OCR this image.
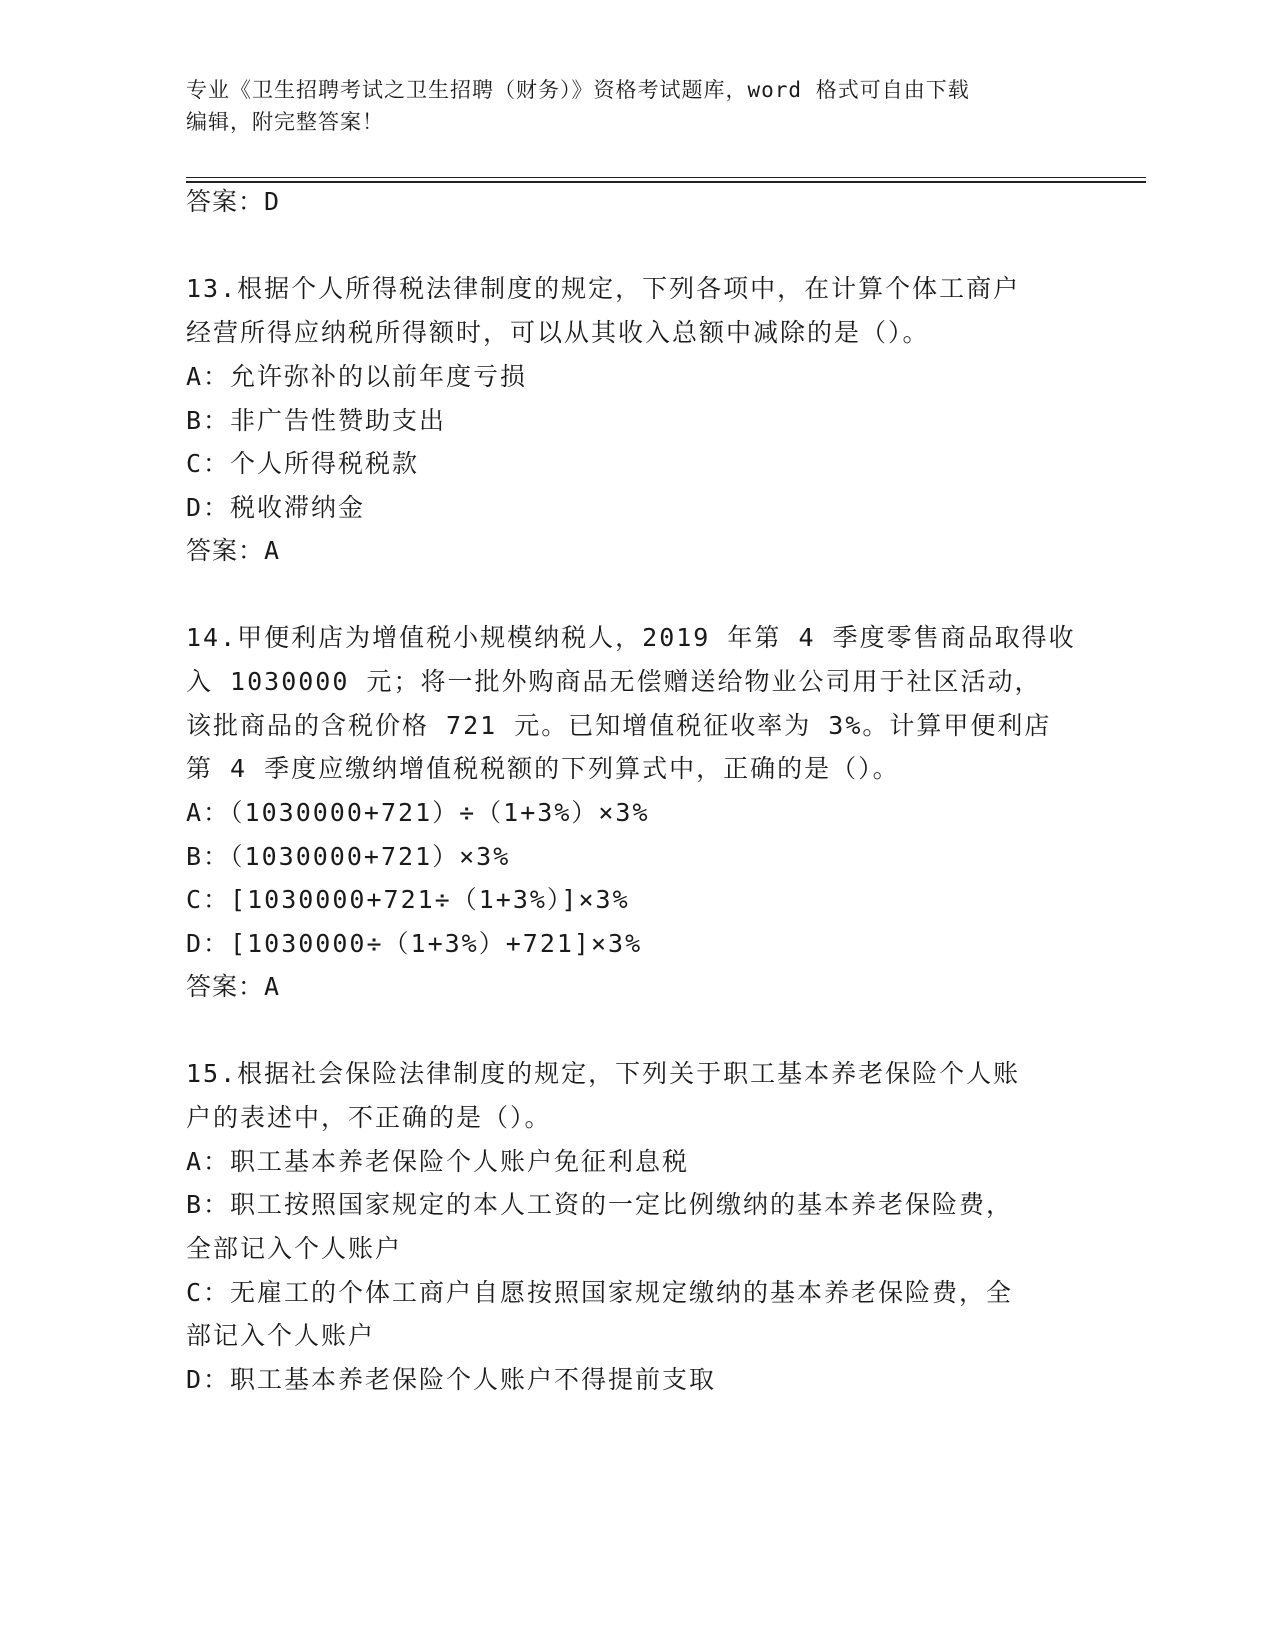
专业《卫生招聘考试之卫生招聘（财务）》资格考试题库，word 格式可自由下载
编辑，附完整答案！
答案：D
13.根据个人所得税法律制度的规定，下列各项中，在计算个体工商户
经营所得应纳税所得额时，可以从其收入总额中减除的是（）。
A：允许弥补的以前年度亏损
B：非广告性赞助支出
C：个人所得税税款
D：税收滞纳金
答案：A
14.甲便利店为增值税小规模纳税人，2019 年第 4 季度零售商品取得收
入 1030000 元；将一批外购商品无偿赠送给物业公司用于社区活动，
该批商品的含税价格 721 元。已知增值税征收率为 3%。计算甲便利店
第 4 季度应缴纳增值税税额的下列算式中，正确的是（）。
A：（1030000+721）÷（1+3%）×3%
B：（1030000+721）×3%
C：[1030000+721÷（1+3%）]×3%
D：[1030000÷（1+3%）+721]×3%
答案：A
15.根据社会保险法律制度的规定，下列关于职工基本养老保险个人账
户的表述中，不正确的是（）。
A：职工基本养老保险个人账户免征利息税
B：职工按照国家规定的本人工资的一定比例缴纳的基本养老保险费，
全部记入个人账户
C：无雇工的个体工商户自愿按照国家规定缴纳的基本养老保险费，全
部记入个人账户
D：职工基本养老保险个人账户不得提前支取
